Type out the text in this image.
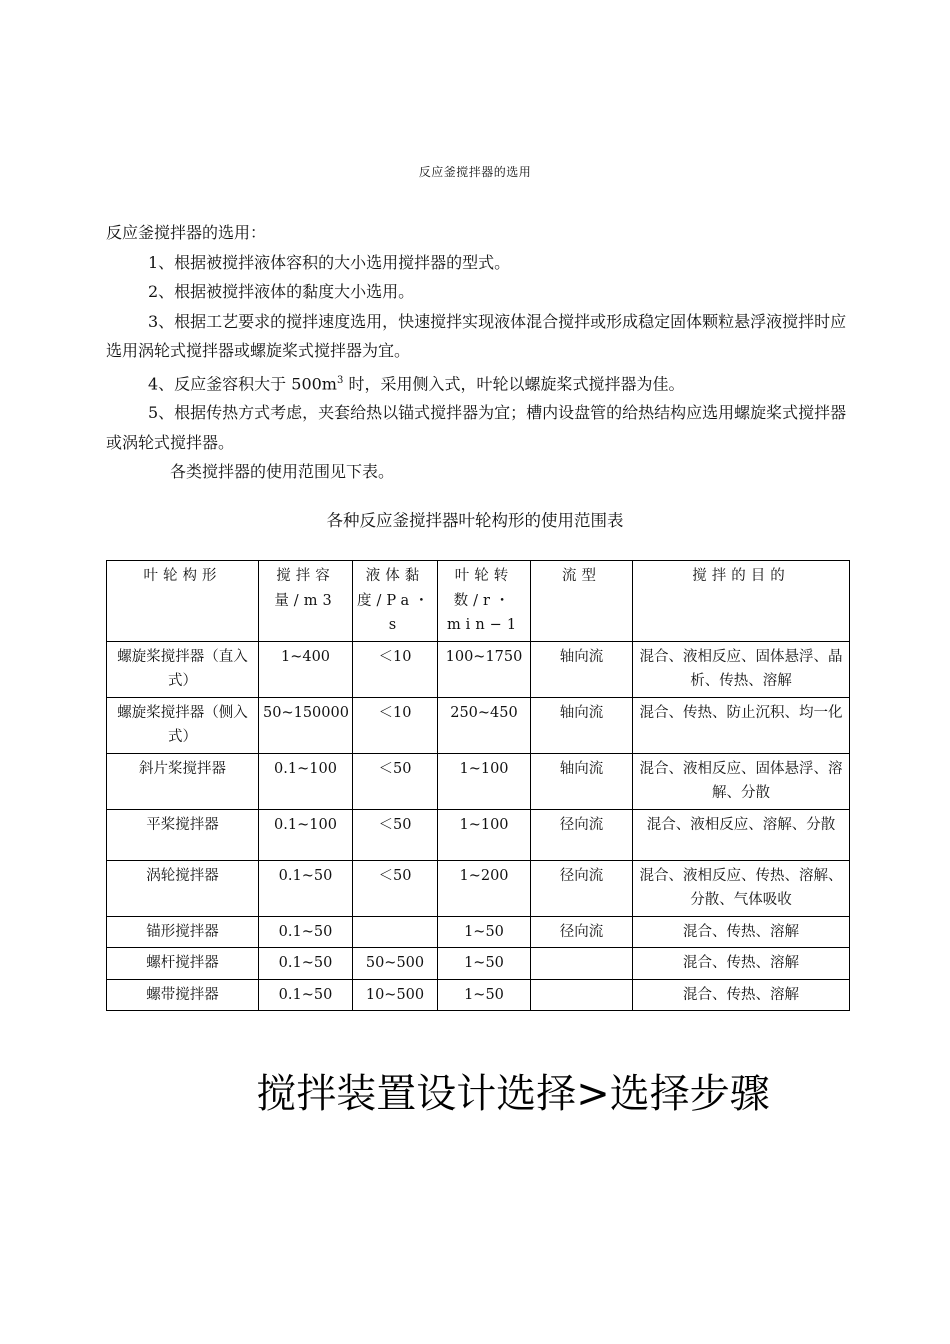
反应釜搅拌器的选用

反应釜搅拌器的选用：

1、根据被搅拌液体容积的大小选用搅拌器的型式。

2、根据被搅拌液体的黏度大小选用。

3、根据工艺要求的搅拌速度选用，快速搅拌实现液体混合搅拌或形成稳定固体颗粒悬浮液搅拌时应选用涡轮式搅拌器或螺旋桨式搅拌器为宜。

4、反应釜容积大于 $500m^3$ 时，采用侧入式，叶轮以螺旋桨式搅拌器为佳。

5、根据传热方式考虑，夹套给热以锚式搅拌器为宜；槽内设盘管的给热结构应选用螺旋桨式搅拌器或涡轮式搅拌器。

各类搅拌器的使用范围见下表。

各种反应釜搅拌器叶轮构形的使用范围表
叶轮构形	搅拌容量/m3	液体黏度/Pa・s	叶轮转数/r・min−1	流型	搅拌的目的
螺旋桨搅拌器（直入式）	1~400	＜10	100~1750	轴向流	混合、液相反应、固体悬浮、晶析、传热、溶解
螺旋桨搅拌器（侧入式）	50~150000	＜10	250~450	轴向流	混合、传热、防止沉积、均一化
斜片桨搅拌器	0.1~100	＜50	1~100	轴向流	混合、液相反应、固体悬浮、溶解、分散
平桨搅拌器	0.1~100	＜50	1~100	径向流	混合、液相反应、溶解、分散
涡轮搅拌器	0.1~50	＜50	1~200	径向流	混合、液相反应、传热、溶解、分散、气体吸收
锚形搅拌器	0.1~50		1~50	径向流	混合、传热、溶解
螺杆搅拌器	0.1~50	50~500	1~50		混合、传热、溶解
螺带搅拌器	0.1~50	10~500	1~50		混合、传热、溶解
搅拌装置设计选择>选择步骤
